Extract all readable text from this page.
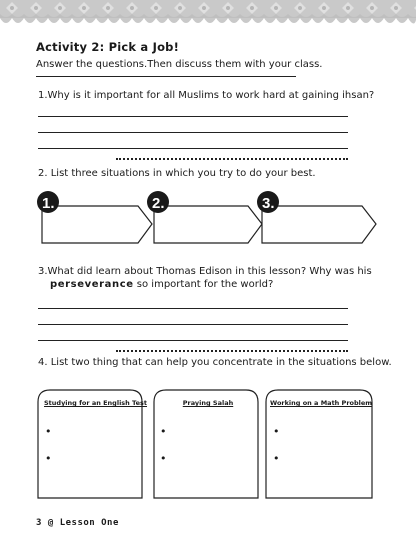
Activity 2: Pick a Job!
Answer the questions.Then discuss them with your class.
1.Why is it important for all Muslims to work hard at gaining ihsan?
2. List three situations in which you try to do your best.
1.	2.	3.
3.What did learn about Thomas Edison in this lesson? Why was his
perseverance so important for the world?
4. List two thing that can help you concentrate in the situations below.
Studying for an English Test	Praying Salah	Working on a Math Problem
•
•
•
•
•
•
3 @ Lesson One
